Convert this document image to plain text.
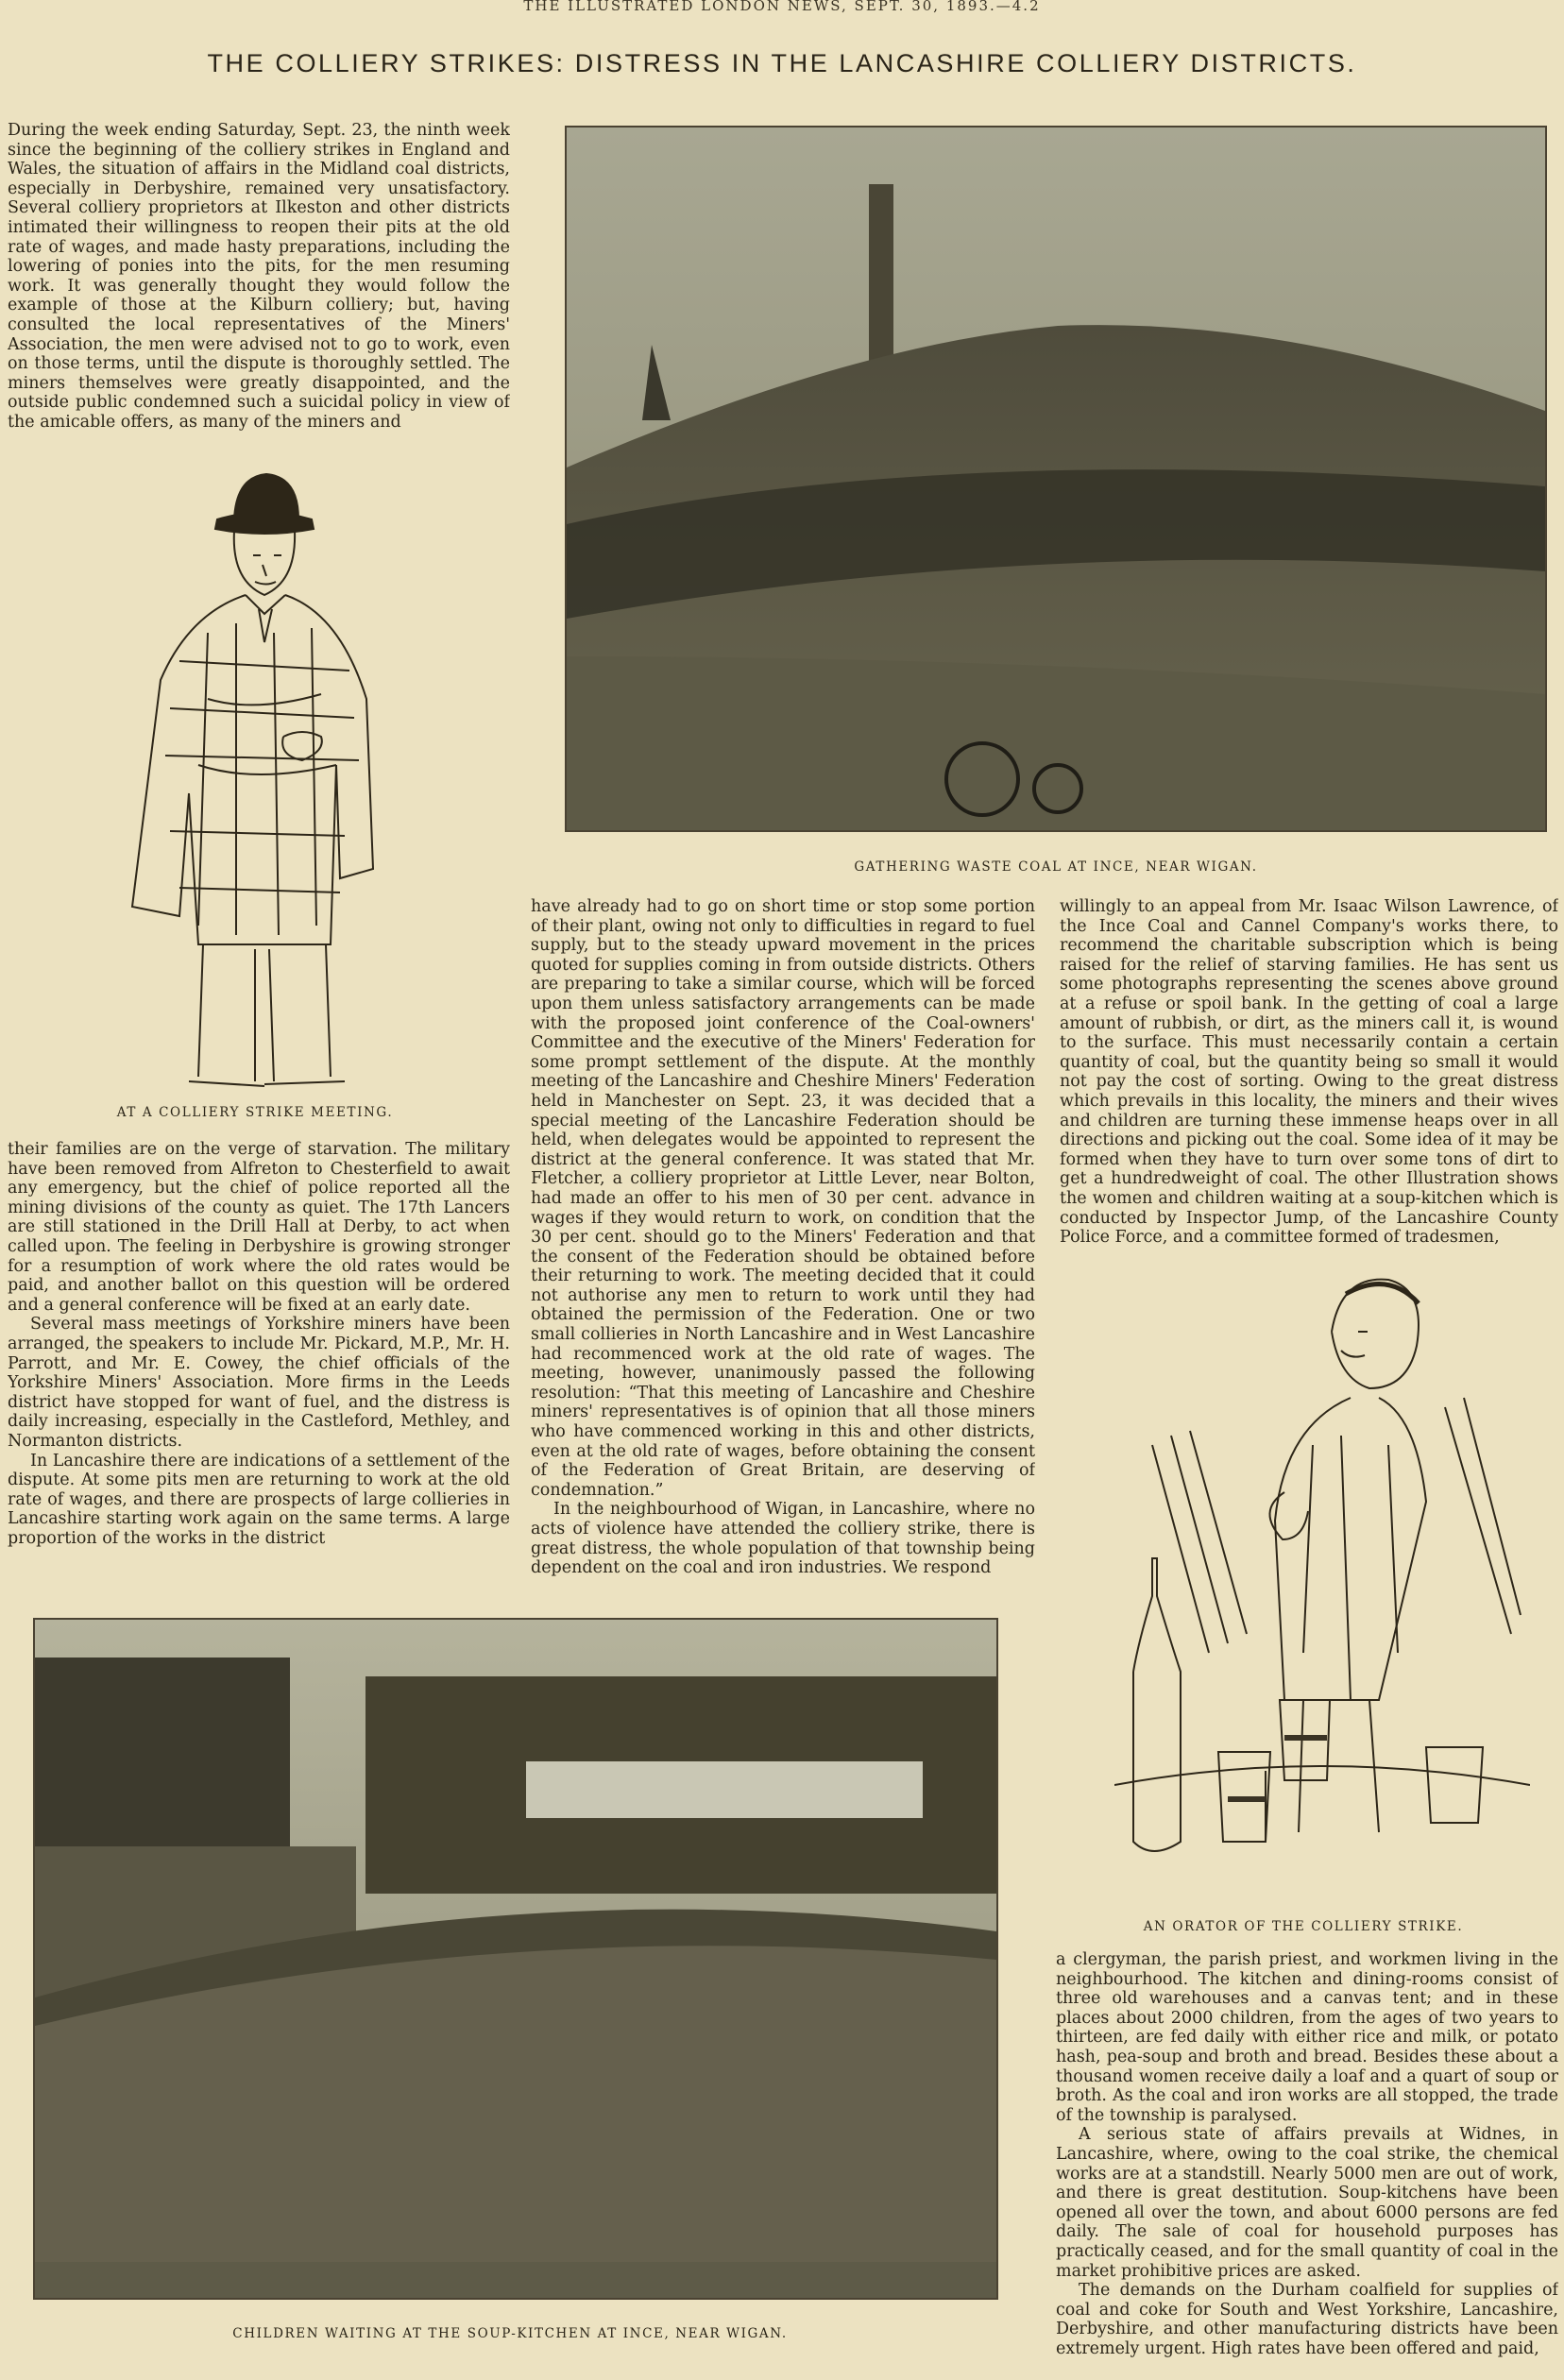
THE ILLUSTRATED LONDON NEWS, SEPT. 30, 1893.—4.2
THE COLLIERY STRIKES: DISTRESS IN THE LANCASHIRE COLLIERY DISTRICTS.

During the week ending Saturday, Sept. 23, the ninth week since the beginning of the colliery strikes in England and Wales, the situation of affairs in the Midland coal districts, especially in Derbyshire, remained very unsatisfactory. Several colliery proprietors at Ilkeston and other districts intimated their willingness to reopen their pits at the old rate of wages, and made hasty preparations, including the lowering of ponies into the pits, for the men resuming work. It was generally thought they would follow the example of those at the Kilburn colliery; but, having consulted the local representatives of the Miners' Association, the men were advised not to go to work, even on those terms, until the dispute is thoroughly settled. The miners themselves were greatly disappointed, and the outside public condemned such a suicidal policy in view of the amicable offers, as many of the miners and

AT A COLLIERY STRIKE MEETING.

their families are on the verge of starvation. The military have been removed from Alfreton to Chesterfield to await any emergency, but the chief of police reported all the mining divisions of the county as quiet. The 17th Lancers are still stationed in the Drill Hall at Derby, to act when called upon. The feeling in Derbyshire is growing stronger for a resumption of work where the old rates would be paid, and another ballot on this question will be ordered and a general conference will be fixed at an early date.

Several mass meetings of Yorkshire miners have been arranged, the speakers to include Mr. Pickard, M.P., Mr. H. Parrott, and Mr. E. Cowey, the chief officials of the Yorkshire Miners' Association. More firms in the Leeds district have stopped for want of fuel, and the distress is daily increasing, especially in the Castleford, Methley, and Normanton districts.

In Lancashire there are indications of a settlement of the dispute. At some pits men are returning to work at the old rate of wages, and there are prospects of large collieries in Lancashire starting work again on the same terms. A large proportion of the works in the district

GATHERING WASTE COAL AT INCE, NEAR WIGAN.

have already had to go on short time or stop some portion of their plant, owing not only to difficulties in regard to fuel supply, but to the steady upward movement in the prices quoted for supplies coming in from outside districts. Others are preparing to take a similar course, which will be forced upon them unless satisfactory arrangements can be made with the proposed joint conference of the Coal-owners' Committee and the executive of the Miners' Federation for some prompt settlement of the dispute. At the monthly meeting of the Lancashire and Cheshire Miners' Federation held in Manchester on Sept. 23, it was decided that a special meeting of the Lancashire Federation should be held, when delegates would be appointed to represent the district at the general conference. It was stated that Mr. Fletcher, a colliery proprietor at Little Lever, near Bolton, had made an offer to his men of 30 per cent. advance in wages if they would return to work, on condition that the 30 per cent. should go to the Miners' Federation and that the consent of the Federation should be obtained before their returning to work. The meeting decided that it could not authorise any men to return to work until they had obtained the permission of the Federation. One or two small collieries in North Lancashire and in West Lancashire had recommenced work at the old rate of wages. The meeting, however, unanimously passed the following resolution: “That this meeting of Lancashire and Cheshire miners' representatives is of opinion that all those miners who have commenced working in this and other districts, even at the old rate of wages, before obtaining the consent of the Federation of Great Britain, are deserving of condemnation.”

In the neighbourhood of Wigan, in Lancashire, where no acts of violence have attended the colliery strike, there is great distress, the whole population of that township being dependent on the coal and iron industries. We respond

willingly to an appeal from Mr. Isaac Wilson Lawrence, of the Ince Coal and Cannel Company's works there, to recommend the charitable subscription which is being raised for the relief of starving families. He has sent us some photographs representing the scenes above ground at a refuse or spoil bank. In the getting of coal a large amount of rubbish, or dirt, as the miners call it, is wound to the surface. This must necessarily contain a certain quantity of coal, but the quantity being so small it would not pay the cost of sorting. Owing to the great distress which prevails in this locality, the miners and their wives and children are turning these immense heaps over in all directions and picking out the coal. Some idea of it may be formed when they have to turn over some tons of dirt to get a hundredweight of coal. The other Illustration shows the women and children waiting at a soup-kitchen which is conducted by Inspector Jump, of the Lancashire County Police Force, and a committee formed of tradesmen,

AN ORATOR OF THE COLLIERY STRIKE.

a clergyman, the parish priest, and workmen living in the neighbourhood. The kitchen and dining-rooms consist of three old warehouses and a canvas tent; and in these places about 2000 children, from the ages of two years to thirteen, are fed daily with either rice and milk, or potato hash, pea-soup and broth and bread. Besides these about a thousand women receive daily a loaf and a quart of soup or broth. As the coal and iron works are all stopped, the trade of the township is paralysed.

A serious state of affairs prevails at Widnes, in Lancashire, where, owing to the coal strike, the chemical works are at a standstill. Nearly 5000 men are out of work, and there is great destitution. Soup-kitchens have been opened all over the town, and about 6000 persons are fed daily. The sale of coal for household purposes has practically ceased, and for the small quantity of coal in the market prohibitive prices are asked.

The demands on the Durham coalfield for supplies of coal and coke for South and West Yorkshire, Lancashire, Derbyshire, and other manufacturing districts have been extremely urgent. High rates have been offered and paid,

CHILDREN WAITING AT THE SOUP-KITCHEN AT INCE, NEAR WIGAN.
